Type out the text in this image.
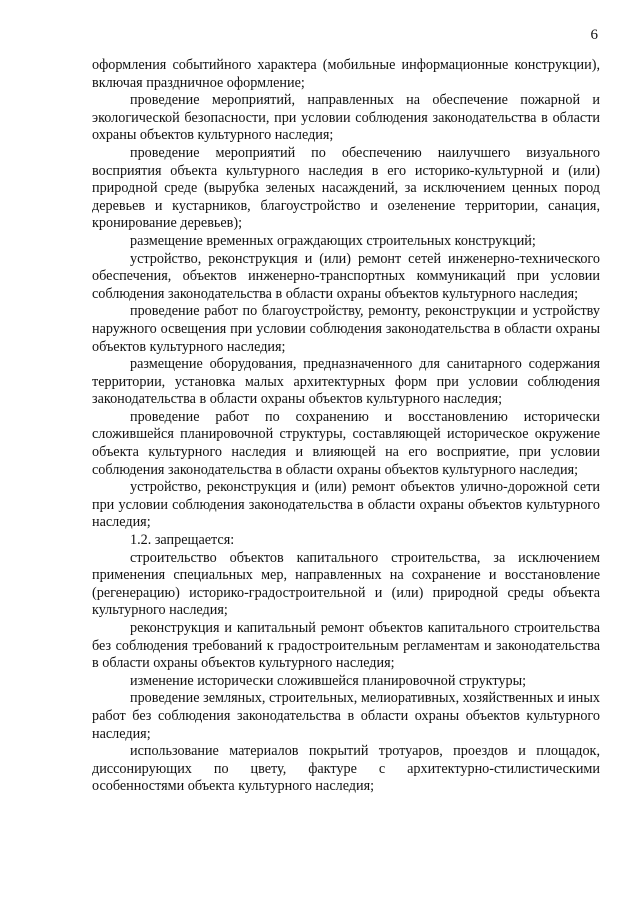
6

оформления событийного характера (мобильные информационные конструкции), включая праздничное оформление;

проведение мероприятий, направленных на обеспечение пожарной и экологической безопасности, при условии соблюдения законодательства в области охраны объектов культурного наследия;

проведение мероприятий по обеспечению наилучшего визуального восприятия объекта культурного наследия в его историко-культурной и (или) природной среде (вырубка зеленых насаждений, за исключением ценных пород деревьев и кустарников, благоустройство и озеленение территории, санация, кронирование деревьев);

размещение временных ограждающих строительных конструкций;

устройство, реконструкция и (или) ремонт сетей инженерно-технического обеспечения, объектов инженерно-транспортных коммуникаций при условии соблюдения законодательства в области охраны объектов культурного наследия;

проведение работ по благоустройству, ремонту, реконструкции и устройству наружного освещения при условии соблюдения законодательства в области охраны объектов культурного наследия;

размещение оборудования, предназначенного для санитарного содержания территории, установка малых архитектурных форм при условии соблюдения законодательства в области охраны объектов культурного наследия;

проведение работ по сохранению и восстановлению исторически сложившейся планировочной структуры, составляющей историческое окружение объекта культурного наследия и влияющей на его восприятие, при условии соблюдения законодательства в области охраны объектов культурного наследия;

устройство, реконструкция и (или) ремонт объектов улично-дорожной сети при условии соблюдения законодательства в области охраны объектов культурного наследия;

1.2. запрещается:

строительство объектов капитального строительства, за исключением применения специальных мер, направленных на сохранение и восстановление (регенерацию) историко-градостроительной и (или) природной среды объекта культурного наследия;

реконструкция и капитальный ремонт объектов капитального строительства без соблюдения требований к градостроительным регламентам и законодательства в области охраны объектов культурного наследия;

изменение исторически сложившейся планировочной структуры;

проведение земляных, строительных, мелиоративных, хозяйственных и иных работ без соблюдения законодательства в области охраны объектов культурного наследия;

использование материалов покрытий тротуаров, проездов и площадок, диссонирующих по цвету, фактуре с архитектурно-стилистическими особенностями объекта культурного наследия;
